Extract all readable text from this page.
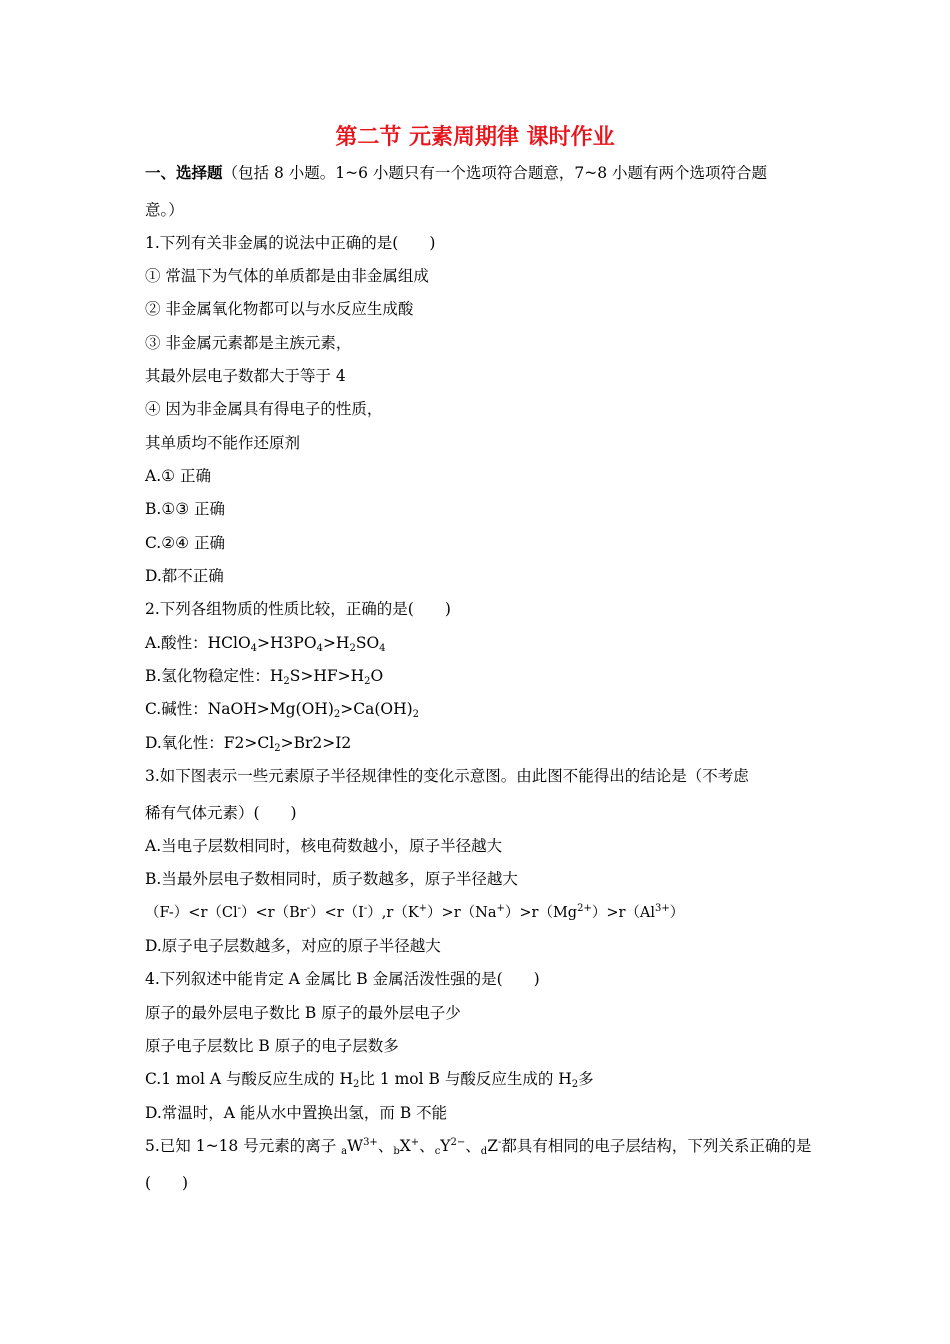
第二节 元素周期律 课时作业
一、选择题（包括 8 小题。1~6 小题只有一个选项符合题意，7~8 小题有两个选项符合题
意。）
1.下列有关非金属的说法中正确的是(　　)
① 常温下为气体的单质都是由非金属组成
② 非金属氧化物都可以与水反应生成酸
③ 非金属元素都是主族元素，
其最外层电子数都大于等于 4
④ 因为非金属具有得电子的性质，
其单质均不能作还原剂
A.① 正确
B.①③ 正确
C.②④ 正确
D.都不正确
2.下列各组物质的性质比较，正确的是(　　)
A.酸性：$HClO_4>H3PO_4>H_2SO_4$
B.氢化物稳定性：$H_2S>HF>H_2O$
C.碱性：$NaOH>Mg(OH)_2>Ca(OH)_2$
D.氧化性：$F2>Cl_2>Br2>I2$
3.如下图表示一些元素原子半径规律性的变化示意图。由此图不能得出的结论是（不考虑
稀有气体元素）(　　)
A.当电子层数相同时，核电荷数越小，原子半径越大
B.当最外层电子数相同时，质子数越多，原子半径越大
$(F-)<r(Cl^-)<r(Br^-)<r(I^-),r(K^+)>r(Na^+)>r(Mg^{2+})>r(Al^{3+})$
D.原子电子层数越多，对应的原子半径越大
4.下列叙述中能肯定 A 金属比 B 金属活泼性强的是(　　)
原子的最外层电子数比 B 原子的最外层电子少
原子电子层数比 B 原子的电子层数多
C.1 mol A 与酸反应生成的 $H_2$比 1 mol B 与酸反应生成的 $H_2$多
D.常温时，A 能从水中置换出氢，而 B 不能
5.已知 1~18 号元素的离子 $_aW^{3+}$、$_b$X+、$_cY^{2-}$、$_d$Z-都具有相同的电子层结构，下列关系正确的是
(　　)
